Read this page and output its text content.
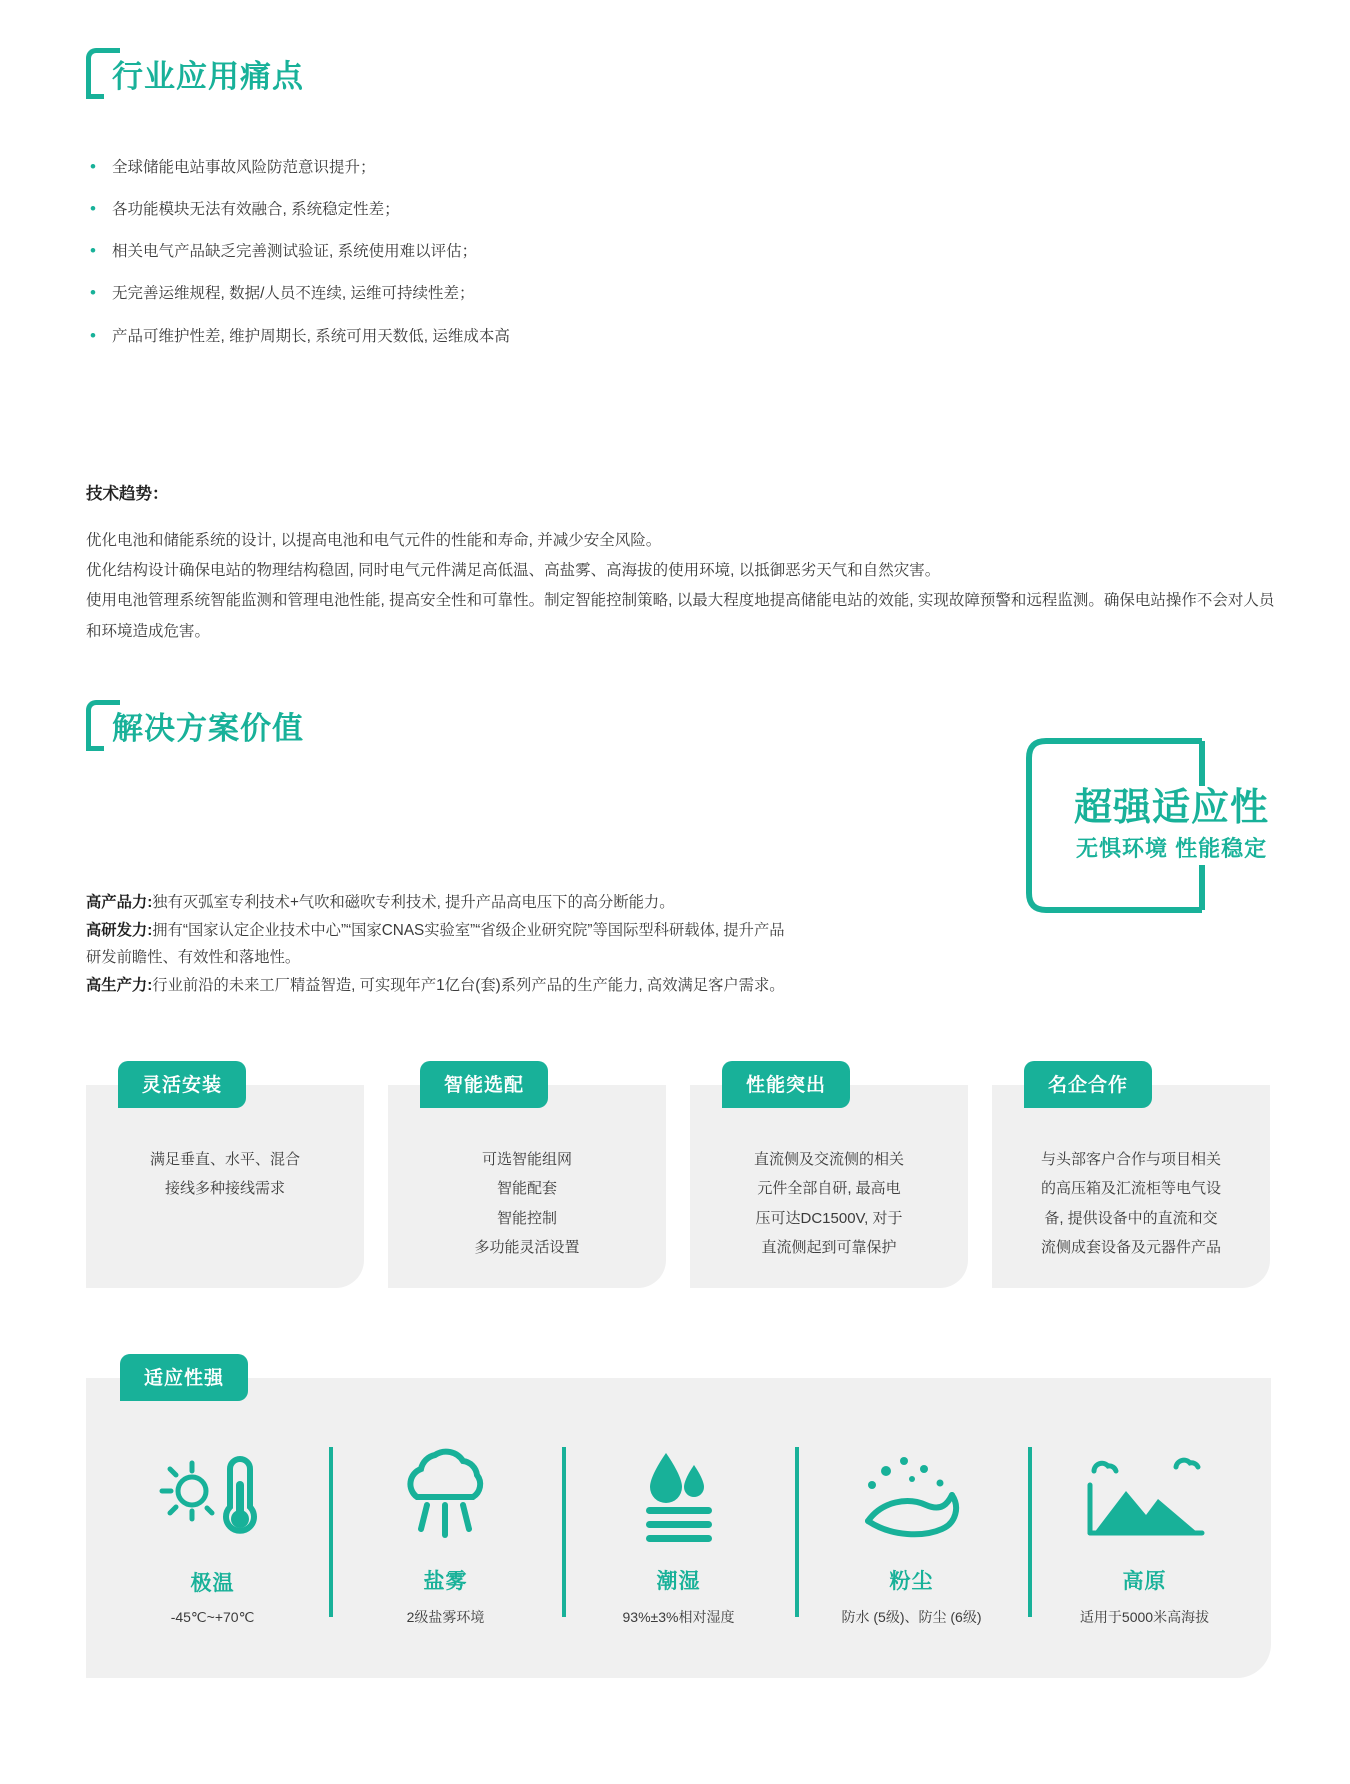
行业应用痛点
• 全球储能电站事故风险防范意识提升；
• 各功能模块无法有效融合, 系统稳定性差；
• 相关电气产品缺乏完善测试验证, 系统使用难以评估；
• 无完善运维规程, 数据/人员不连续, 运维可持续性差；
• 产品可维护性差, 维护周期长, 系统可用天数低, 运维成本高
技术趋势：

优化电池和储能系统的设计, 以提高电池和电气元件的性能和寿命, 并减少安全风险。

优化结构设计确保电站的物理结构稳固, 同时电气元件满足高低温、高盐雾、高海拔的使用环境, 以抵御恶劣天气和自然灾害。

使用电池管理系统智能监测和管理电池性能, 提高安全性和可靠性。制定智能控制策略, 以最大程度地提高储能电站的效能, 实现故障预警和远程监测。确保电站操作不会对人员和环境造成危害。

解决方案价值

高产品力:独有灭弧室专利技术+气吹和磁吹专利技术, 提升产品高电压下的高分断能力。

高研发力:拥有“国家认定企业技术中心”“国家CNAS实验室”“省级企业研究院”等国际型科研载体, 提升产品研发前瞻性、有效性和落地性。

高生产力:行业前沿的未来工厂精益智造, 可实现年产1亿台(套)系列产品的生产能力, 高效满足客户需求。

超强适应性
无惧环境 性能稳定
灵活安装
满足垂直、水平、混合
接线多种接线需求
智能选配
可选智能组网
智能配套
智能控制
多功能灵活设置
性能突出
直流侧及交流侧的相关
元件全部自研, 最高电
压可达DC1500V, 对于
直流侧起到可靠保护
名企合作
与头部客户合作与项目相关
的高压箱及汇流柜等电气设
备, 提供设备中的直流和交
流侧成套设备及元器件产品
适应性强
极温
-45℃~+70℃
盐雾
2级盐雾环境
潮湿
93%±3%相对湿度
粉尘
防水 (5级)、防尘 (6级)
高原
适用于5000米高海拔
